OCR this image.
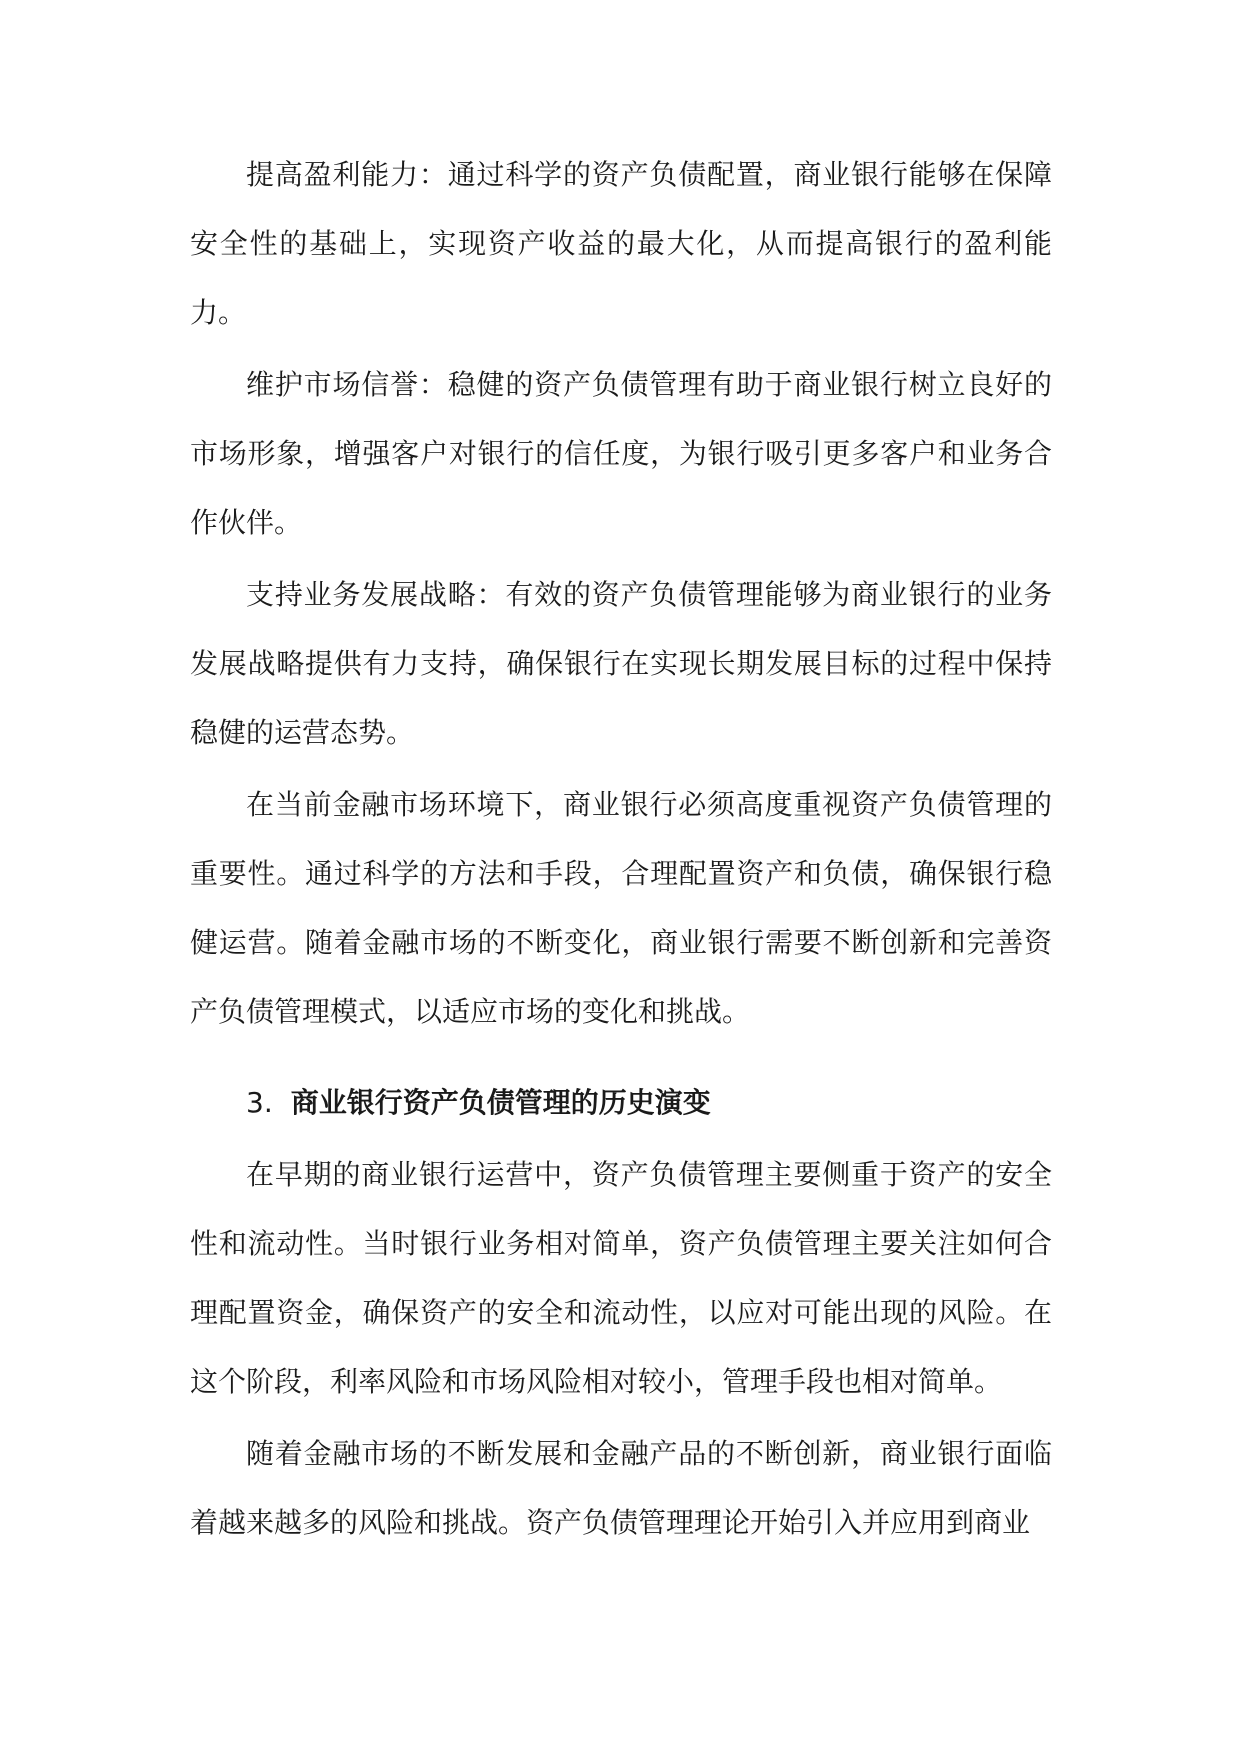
提高盈利能力：通过科学的资产负债配置，商业银行能够在保障安全性的基础上，实现资产收益的最大化，从而提高银行的盈利能力。

维护市场信誉：稳健的资产负债管理有助于商业银行树立良好的市场形象，增强客户对银行的信任度，为银行吸引更多客户和业务合作伙伴。

支持业务发展战略：有效的资产负债管理能够为商业银行的业务发展战略提供有力支持，确保银行在实现长期发展目标的过程中保持稳健的运营态势。

在当前金融市场环境下，商业银行必须高度重视资产负债管理的重要性。通过科学的方法和手段，合理配置资产和负债，确保银行稳健运营。随着金融市场的不断变化，商业银行需要不断创新和完善资产负债管理模式，以适应市场的变化和挑战。

3. 商业银行资产负债管理的历史演变

在早期的商业银行运营中，资产负债管理主要侧重于资产的安全性和流动性。当时银行业务相对简单，资产负债管理主要关注如何合理配置资金，确保资产的安全和流动性，以应对可能出现的风险。在这个阶段，利率风险和市场风险相对较小，管理手段也相对简单。

随着金融市场的不断发展和金融产品的不断创新，商业银行面临着越来越多的风险和挑战。资产负债管理理论开始引入并应用到商业
